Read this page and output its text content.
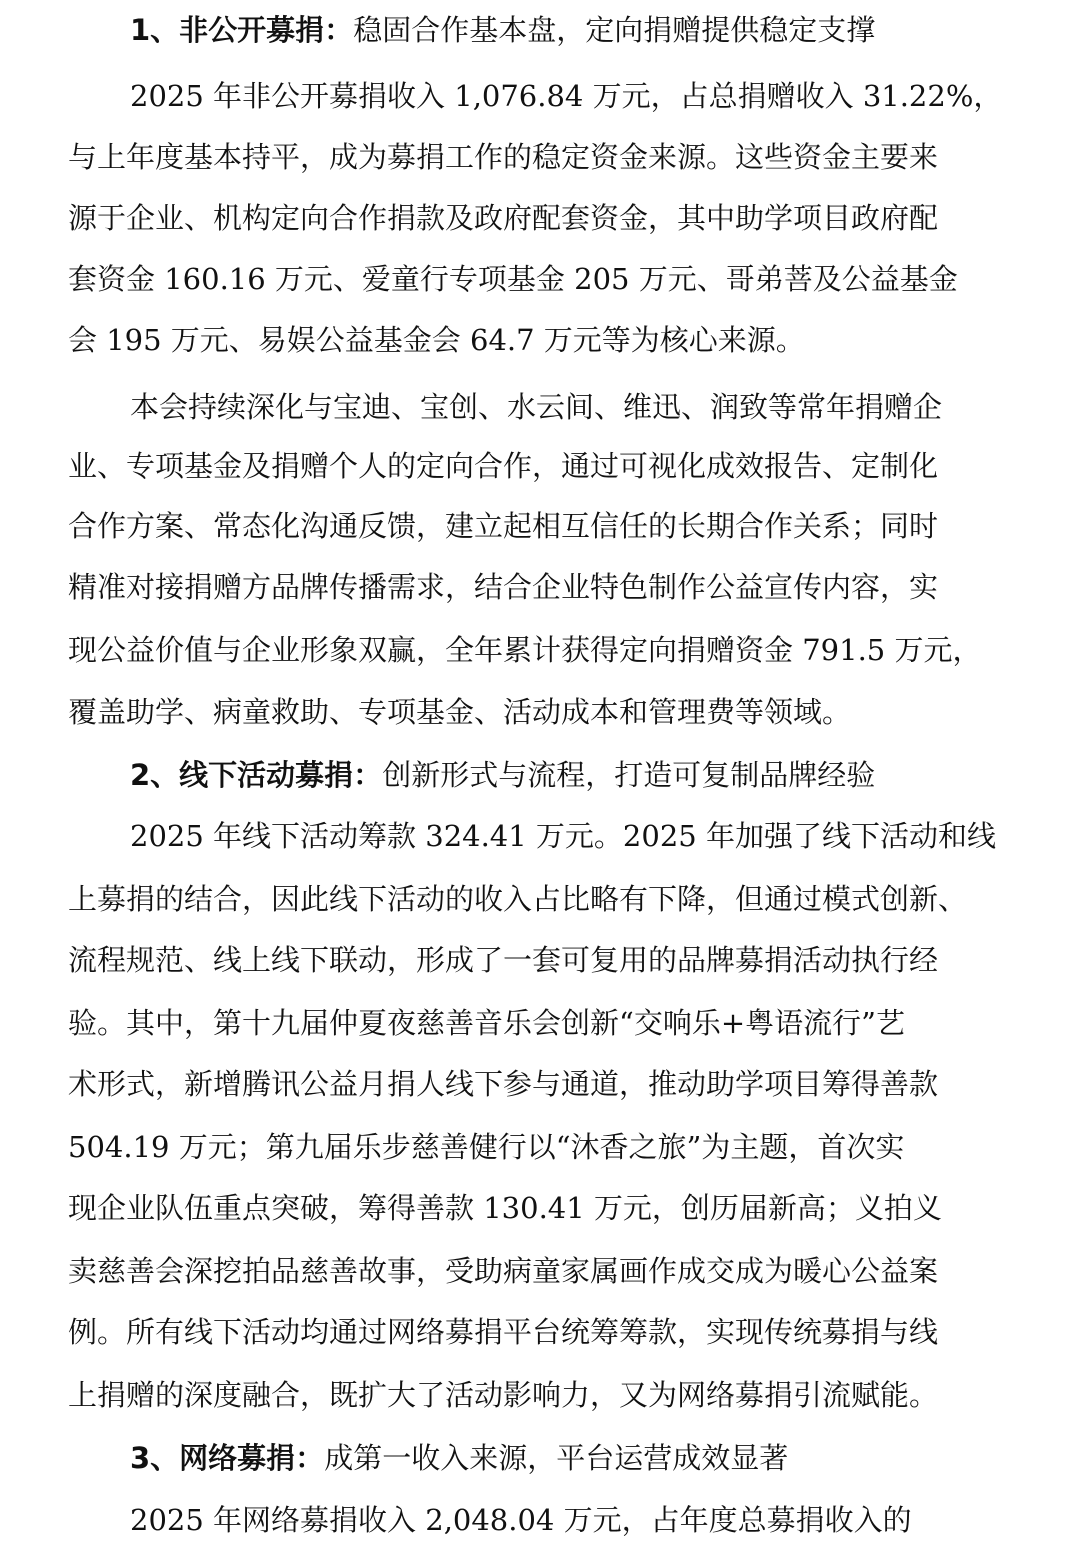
1、非公开募捐：稳固合作基本盘，定向捐赠提供稳定支撑
2025 年非公开募捐收入 1,076.84 万元，占总捐赠收入 31.22%，
与上年度基本持平，成为募捐工作的稳定资金来源。这些资金主要来
源于企业、机构定向合作捐款及政府配套资金，其中助学项目政府配
套资金 160.16 万元、爱童行专项基金 205 万元、哥弟菩及公益基金
会 195 万元、易娱公益基金会 64.7 万元等为核心来源。
本会持续深化与宝迪、宝创、水云间、维迅、润致等常年捐赠企
业、专项基金及捐赠个人的定向合作，通过可视化成效报告、定制化
合作方案、常态化沟通反馈，建立起相互信任的长期合作关系；同时
精准对接捐赠方品牌传播需求，结合企业特色制作公益宣传内容，实
现公益价值与企业形象双赢，全年累计获得定向捐赠资金 791.5 万元，
覆盖助学、病童救助、专项基金、活动成本和管理费等领域。
2、线下活动募捐：创新形式与流程，打造可复制品牌经验
2025 年线下活动筹款 324.41 万元。2025 年加强了线下活动和线
上募捐的结合，因此线下活动的收入占比略有下降，但通过模式创新、
流程规范、线上线下联动，形成了一套可复用的品牌募捐活动执行经
验。其中，第十九届仲夏夜慈善音乐会创新“交响乐+粤语流行”艺
术形式，新增腾讯公益月捐人线下参与通道，推动助学项目筹得善款
504.19 万元；第九届乐步慈善健行以“沐香之旅”为主题，首次实
现企业队伍重点突破，筹得善款 130.41 万元，创历届新高；义拍义
卖慈善会深挖拍品慈善故事，受助病童家属画作成交成为暖心公益案
例。所有线下活动均通过网络募捐平台统筹筹款，实现传统募捐与线
上捐赠的深度融合，既扩大了活动影响力，又为网络募捐引流赋能。
3、网络募捐：成第一收入来源，平台运营成效显著
2025 年网络募捐收入 2,048.04 万元，占年度总募捐收入的
